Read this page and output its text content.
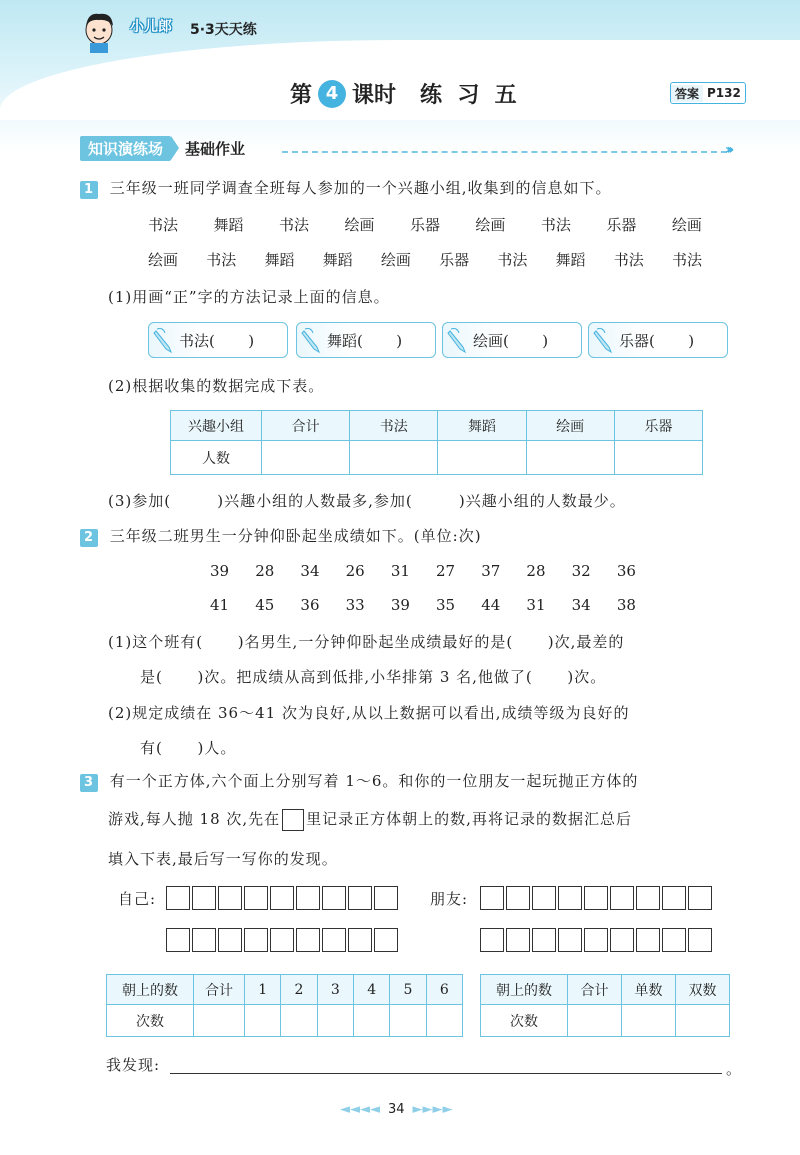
小儿郎 5·3天天练
第 4 课时 练  习  五	答案 P132
知识演练场	基础作业	›››
1 三年级一班同学调查全班每人参加的一个兴趣小组,收集到的信息如下。
书法 舞蹈 书法 绘画 乐器 绘画 书法 乐器 绘画
绘画 书法 舞蹈 舞蹈 绘画 乐器 书法 舞蹈 书法 书法
(1)用画“正”字的方法记录上面的信息。
书法(       )	舞蹈(       )	绘画(       )	乐器(       )
(2)根据收集的数据完成下表。
兴趣小组	合计	书法	舞蹈	绘画	乐器
人数					
(3)参加(        )兴趣小组的人数最多,参加(        )兴趣小组的人数最少。
2 三年级二班男生一分钟仰卧起坐成绩如下。(单位:次)
39 28 34 26 31 27 37 28 32 36
41 45 36 33 39 35 44 31 34 38
(1)这个班有(      )名男生,一分钟仰卧起坐成绩最好的是(      )次,最差的
是(      )次。把成绩从高到低排,小华排第 3 名,他做了(      )次。
(2)规定成绩在 36～41 次为良好,从以上数据可以看出,成绩等级为良好的
有(      )人。
3 有一个正方体,六个面上分别写着 1～6。和你的一位朋友一起玩抛正方体的
游戏,每人抛 18 次,先在 里记录正方体朝上的数,再将记录的数据汇总后
填入下表,最后写一写你的发现。
自己:	朋友:
朝上的数	合计	1	2	3	4	5	6
次数							
朝上的数	合计	单数	双数
次数			
我发现:	。
◄◄◄◄ 34 ►►►►
